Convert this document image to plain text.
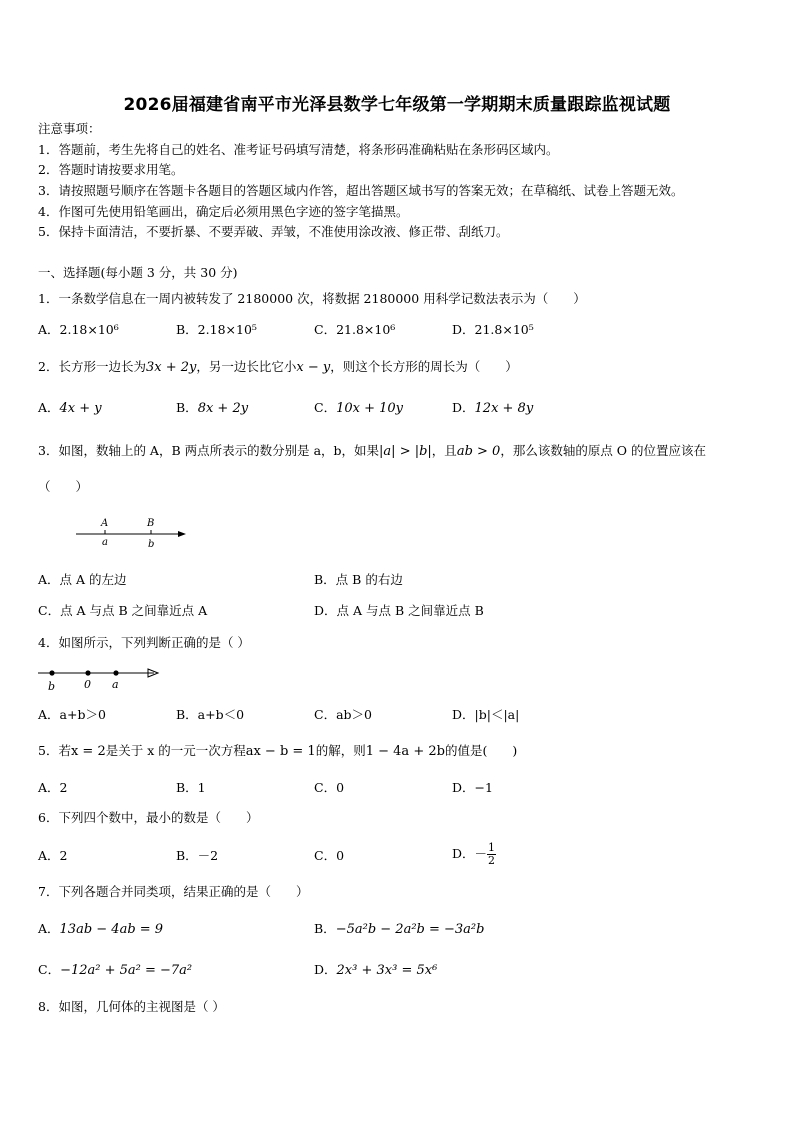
2026届福建省南平市光泽县数学七年级第一学期期末质量跟踪监视试题
注意事项：
1．答题前，考生先将自己的姓名、准考证号码填写清楚，将条形码准确粘贴在条形码区域内。
2．答题时请按要求用笔。
3．请按照题号顺序在答题卡各题目的答题区域内作答，超出答题区域书写的答案无效；在草稿纸、试卷上答题无效。
4．作图可先使用铅笔画出，确定后必须用黑色字迹的签字笔描黑。
5．保持卡面清洁，不要折暴、不要弄破、弄皱，不准使用涂改液、修正带、刮纸刀。
一、选择题(每小题 3 分，共 30 分)
1．一条数学信息在一周内被转发了 2180000 次，将数据 2180000 用科学记数法表示为（　　）
A．2.18×10⁶	B．2.18×10⁵	C．21.8×10⁶	D．21.8×10⁵
2．长方形一边长为3x + 2y，另一边长比它小x − y，则这个长方形的周长为（　　）
A．4x + y	B．8x + 2y	C．10x + 10y	D．12x + 8y
3．如图，数轴上的 A，B 两点所表示的数分别是 a，b，如果|a| > |b|，且ab > 0，那么该数轴的原点 O 的位置应该在
（　　）
A	B
a	b
A．点 A 的左边	B．点 B 的右边
C．点 A 与点 B 之间靠近点 A	D．点 A 与点 B 之间靠近点 B
4．如图所示，下列判断正确的是（ ）
b	0 a
A．a+b＞0	B．a+b＜0	C．ab＞0	D．|b|＜|a|
5．若x = 2是关于 x 的一元一次方程ax − b = 1的解，则1 − 4a + 2b的值是(　　)
A．2	B．1	C．0	D．−1
6．下列四个数中，最小的数是（　　）
A．2	B．－2	C．0	D．－ $\frac{1}{2}$
7．下列各题合并同类项，结果正确的是（　　）
A．13ab − 4ab = 9	B．−5a²b − 2a²b = −3a²b
C．−12a² + 5a² = −7a²	D．2x³ + 3x³ = 5x⁶
8．如图，几何体的主视图是（ ）
